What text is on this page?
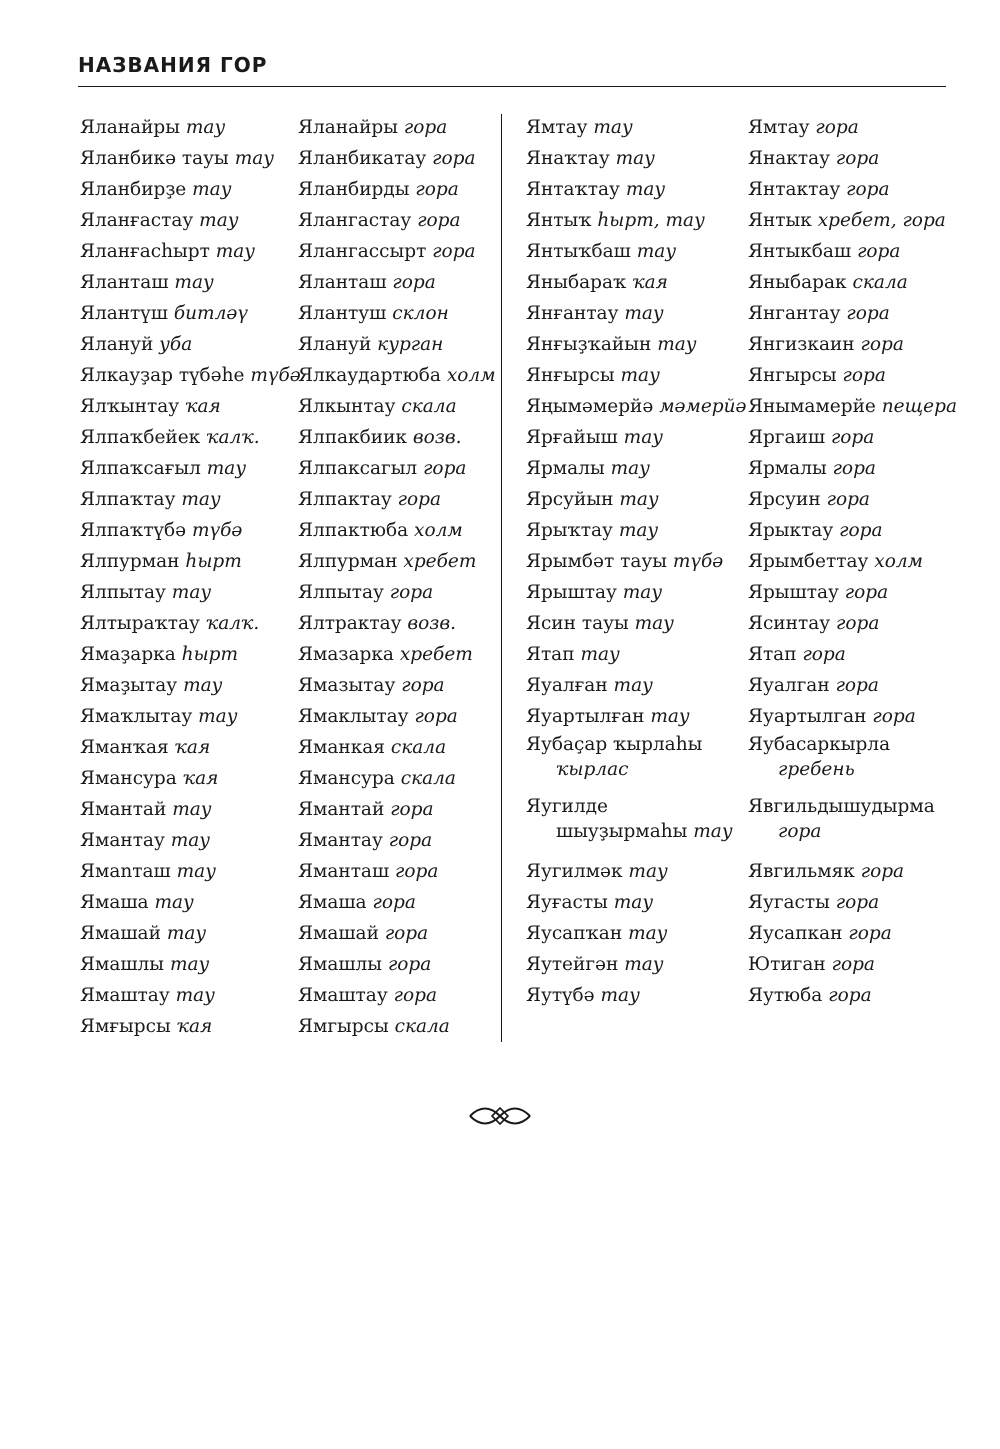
НАЗВАНИЯ ГОР
Яланайры тау
Яланбикә тауы тау
Яланбирҙе тау
Яланғастау тау
Яланғасһырт тау
Яланташ тау
Ялантүш битләү
Ялануй уба
Ялкауҙар түбәһе түбә
Ялҡынтау ҡая
Ялпаҡбейек ҡалҡ.
Ялпаҡсағыл тау
Ялпаҡтау тау
Ялпаҡтүбә түбә
Ялпурман һырт
Ялпытау тау
Ялтыраҡтау ҡалҡ.
Ямаҙарка һырт
Ямаҙытау тау
Ямаҡлытау тау
Яманҡая ҡая
Ямансура ҡая
Ямантай тау
Ямантау тау
Ямanташ тау
Ямаша тау
Ямашай тау
Ямашлы тау
Ямаштау тау
Ямғырсы ҡая
Яланайры гора
Яланбикатау гора
Яланбирды гора
Ялангастау гора
Ялангассырт гора
Яланташ гора
Ялантуш склон
Ялануй курган
Ялкаудартюба холм
Ялкынтау скала
Ялпакбиик возв.
Ялпаксагыл гора
Ялпактау гора
Ялпактюба холм
Ялпурман хребет
Ялпытау гора
Ялтрактау возв.
Ямазарка хребет
Ямазытау гора
Ямаклытау гора
Яманкая скала
Ямансура скала
Ямантай гора
Ямантау гора
Яманташ гора
Ямаша гора
Ямашай гора
Ямашлы гора
Ямаштау гора
Ямгырсы скала
Ямтау тау
Янаҡтау тау
Янтаҡтау тау
Янтыҡ һырт, тау
Янтыҡбаш тау
Яныбараҡ ҡая
Янғантау тау
Янғыҙҡайын тау
Янғырсы тау
Яңымәмерйә мәмерйә
Ярғайыш тау
Ярмалы тау
Ярсуйын тау
Ярыҡтау тау
Ярымбәт тауы түбә
Ярыштау тау
Ясин тауы тау
Ятап тау
Яуалған тау
Яуартылған тау
Яубаҫар ҡырлаһы
ҡырлас
Яугилде
шыуҙырмаһы тау
Яугилмәк тау
Яуғасты тау
Яусапҡан тау
Яутейгән тау
Яутүбә тау
Ямтау гора
Янактау гора
Янтактау гора
Янтык хребет, гора
Янтыкбаш гора
Яныбарак скала
Янгантау гора
Янгизкаин гора
Янгырсы гора
Янымамерйе пещера
Яргаиш гора
Ярмалы гора
Ярсуин гора
Ярыктау гора
Ярымбеттау холм
Ярыштау гора
Ясинтау гора
Ятап гора
Яуалган гора
Яуартылган гора
Яубасаркырла
гребень
Явгильдышудырма
гора
Явгильмяк гора
Яугасты гора
Яусапкан гора
Ютиган гора
Яутюба гора
